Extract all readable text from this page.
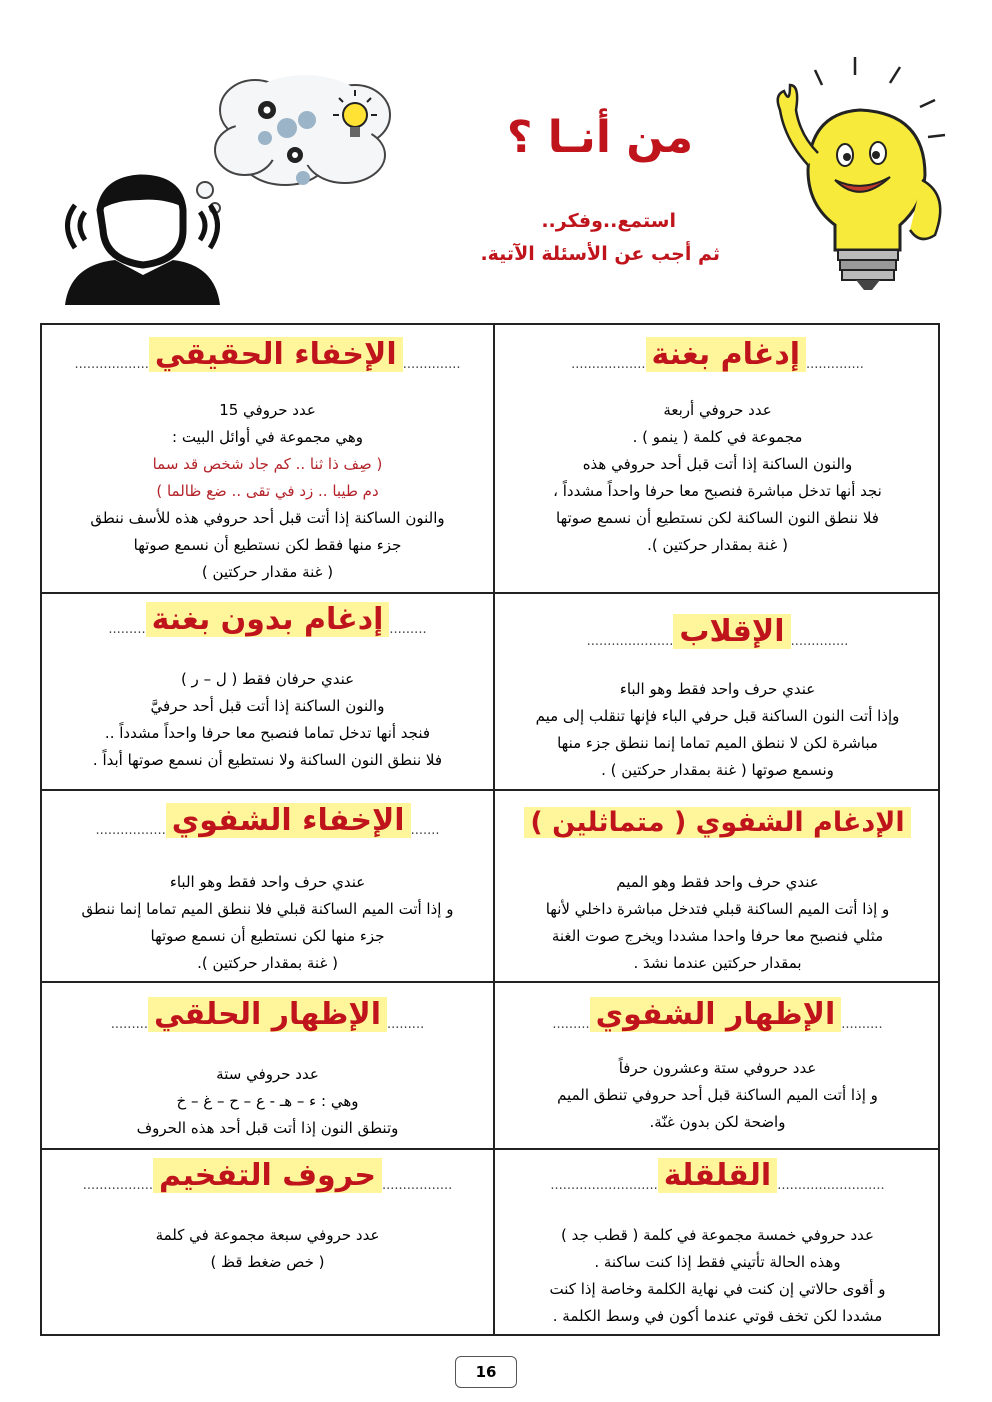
من أنـا ؟
استمع..وفكر..
ثم أجب عن الأسئلة الآتية.
..............إدغام بغنة..................
عدد حروفي أربعة
مجموعة في كلمة ( ينمو ) .
والنون الساكنة إذا أتت قبل أحد حروفي هذه
نجد أنها تدخل مباشرة فنصبح معا حرفا واحداً مشدداً ،
فلا ننطق النون الساكنة لكن نستطيع أن نسمع صوتها
( غنة بمقدار حركتين ).
..............الإخفاء الحقيقي..................
عدد حروفي 15
وهي مجموعة في أوائل البيت :
( صِف ذا ثنا .. كم جاد شخص قد سما
دم طيبا .. زد في تقى .. ضع ظالما )
والنون الساكنة إذا أتت قبل أحد حروفي هذه للأسف ننطق
جزء منها فقط لكن نستطيع أن نسمع صوتها
( غنة مقدار حركتين )
..............الإقلاب.....................
عندي حرف واحد فقط وهو الباء
وإذا أتت النون الساكنة قبل حرفي الباء فإنها تنقلب إلى ميم
مباشرة لكن لا ننطق الميم تماما إنما ننطق جزء منها
ونسمع صوتها ( غنة بمقدار حركتين ) .
.........إدغام بدون بغنة.........
عندي حرفان فقط ( ل – ر )
والنون الساكنة إذا أتت قبل أحد حرفيَّ
فنجد أنها تدخل تماما فنصبح معا حرفا واحداً مشدداً ..
فلا ننطق النون الساكنة ولا نستطيع أن نسمع صوتها أبداً .
الإدغام الشفوي ( متماثلين )
عندي حرف واحد فقط وهو الميم
و إذا أتت الميم الساكنة قبلي فتدخل مباشرة داخلي لأنها
مثلي فنصبح معا حرفا واحدا مشددا ويخرج صوت الغنة
بمقدار حركتين عندما نشدَ .
.......الإخفاء الشفوي.................
عندي حرف واحد فقط وهو الباء
و إذا أتت الميم الساكنة قبلي فلا ننطق الميم تماما إنما ننطق
جزء منها لكن نستطيع أن نسمع صوتها
( غنة بمقدار حركتين ).
..........الإظهار الشفوي.........
عدد حروفي ستة وعشرون حرفاً
و إذا أتت الميم الساكنة قبل أحد حروفي تنطق الميم
واضحة لكن بدون غنّة.
.........الإظهار الحلقي.........
عدد حروفي ستة
وهي : ء – هـ - ع – ح – غ – خ
وتنطق النون إذا أتت قبل أحد هذه الحروف
..........................القلقلة..........................
عدد حروفي خمسة مجموعة في كلمة ( قطب جد )
وهذه الحالة تأتيني فقط إذا كنت ساكنة .
و أقوى حالاتي إن كنت في نهاية الكلمة وخاصة إذا كنت
مشددا لكن تخف قوتي عندما أكون في وسط الكلمة .
.................حروف التفخيم.................
عدد حروفي سبعة مجموعة في كلمة
( خص ضغط قظ )
16
